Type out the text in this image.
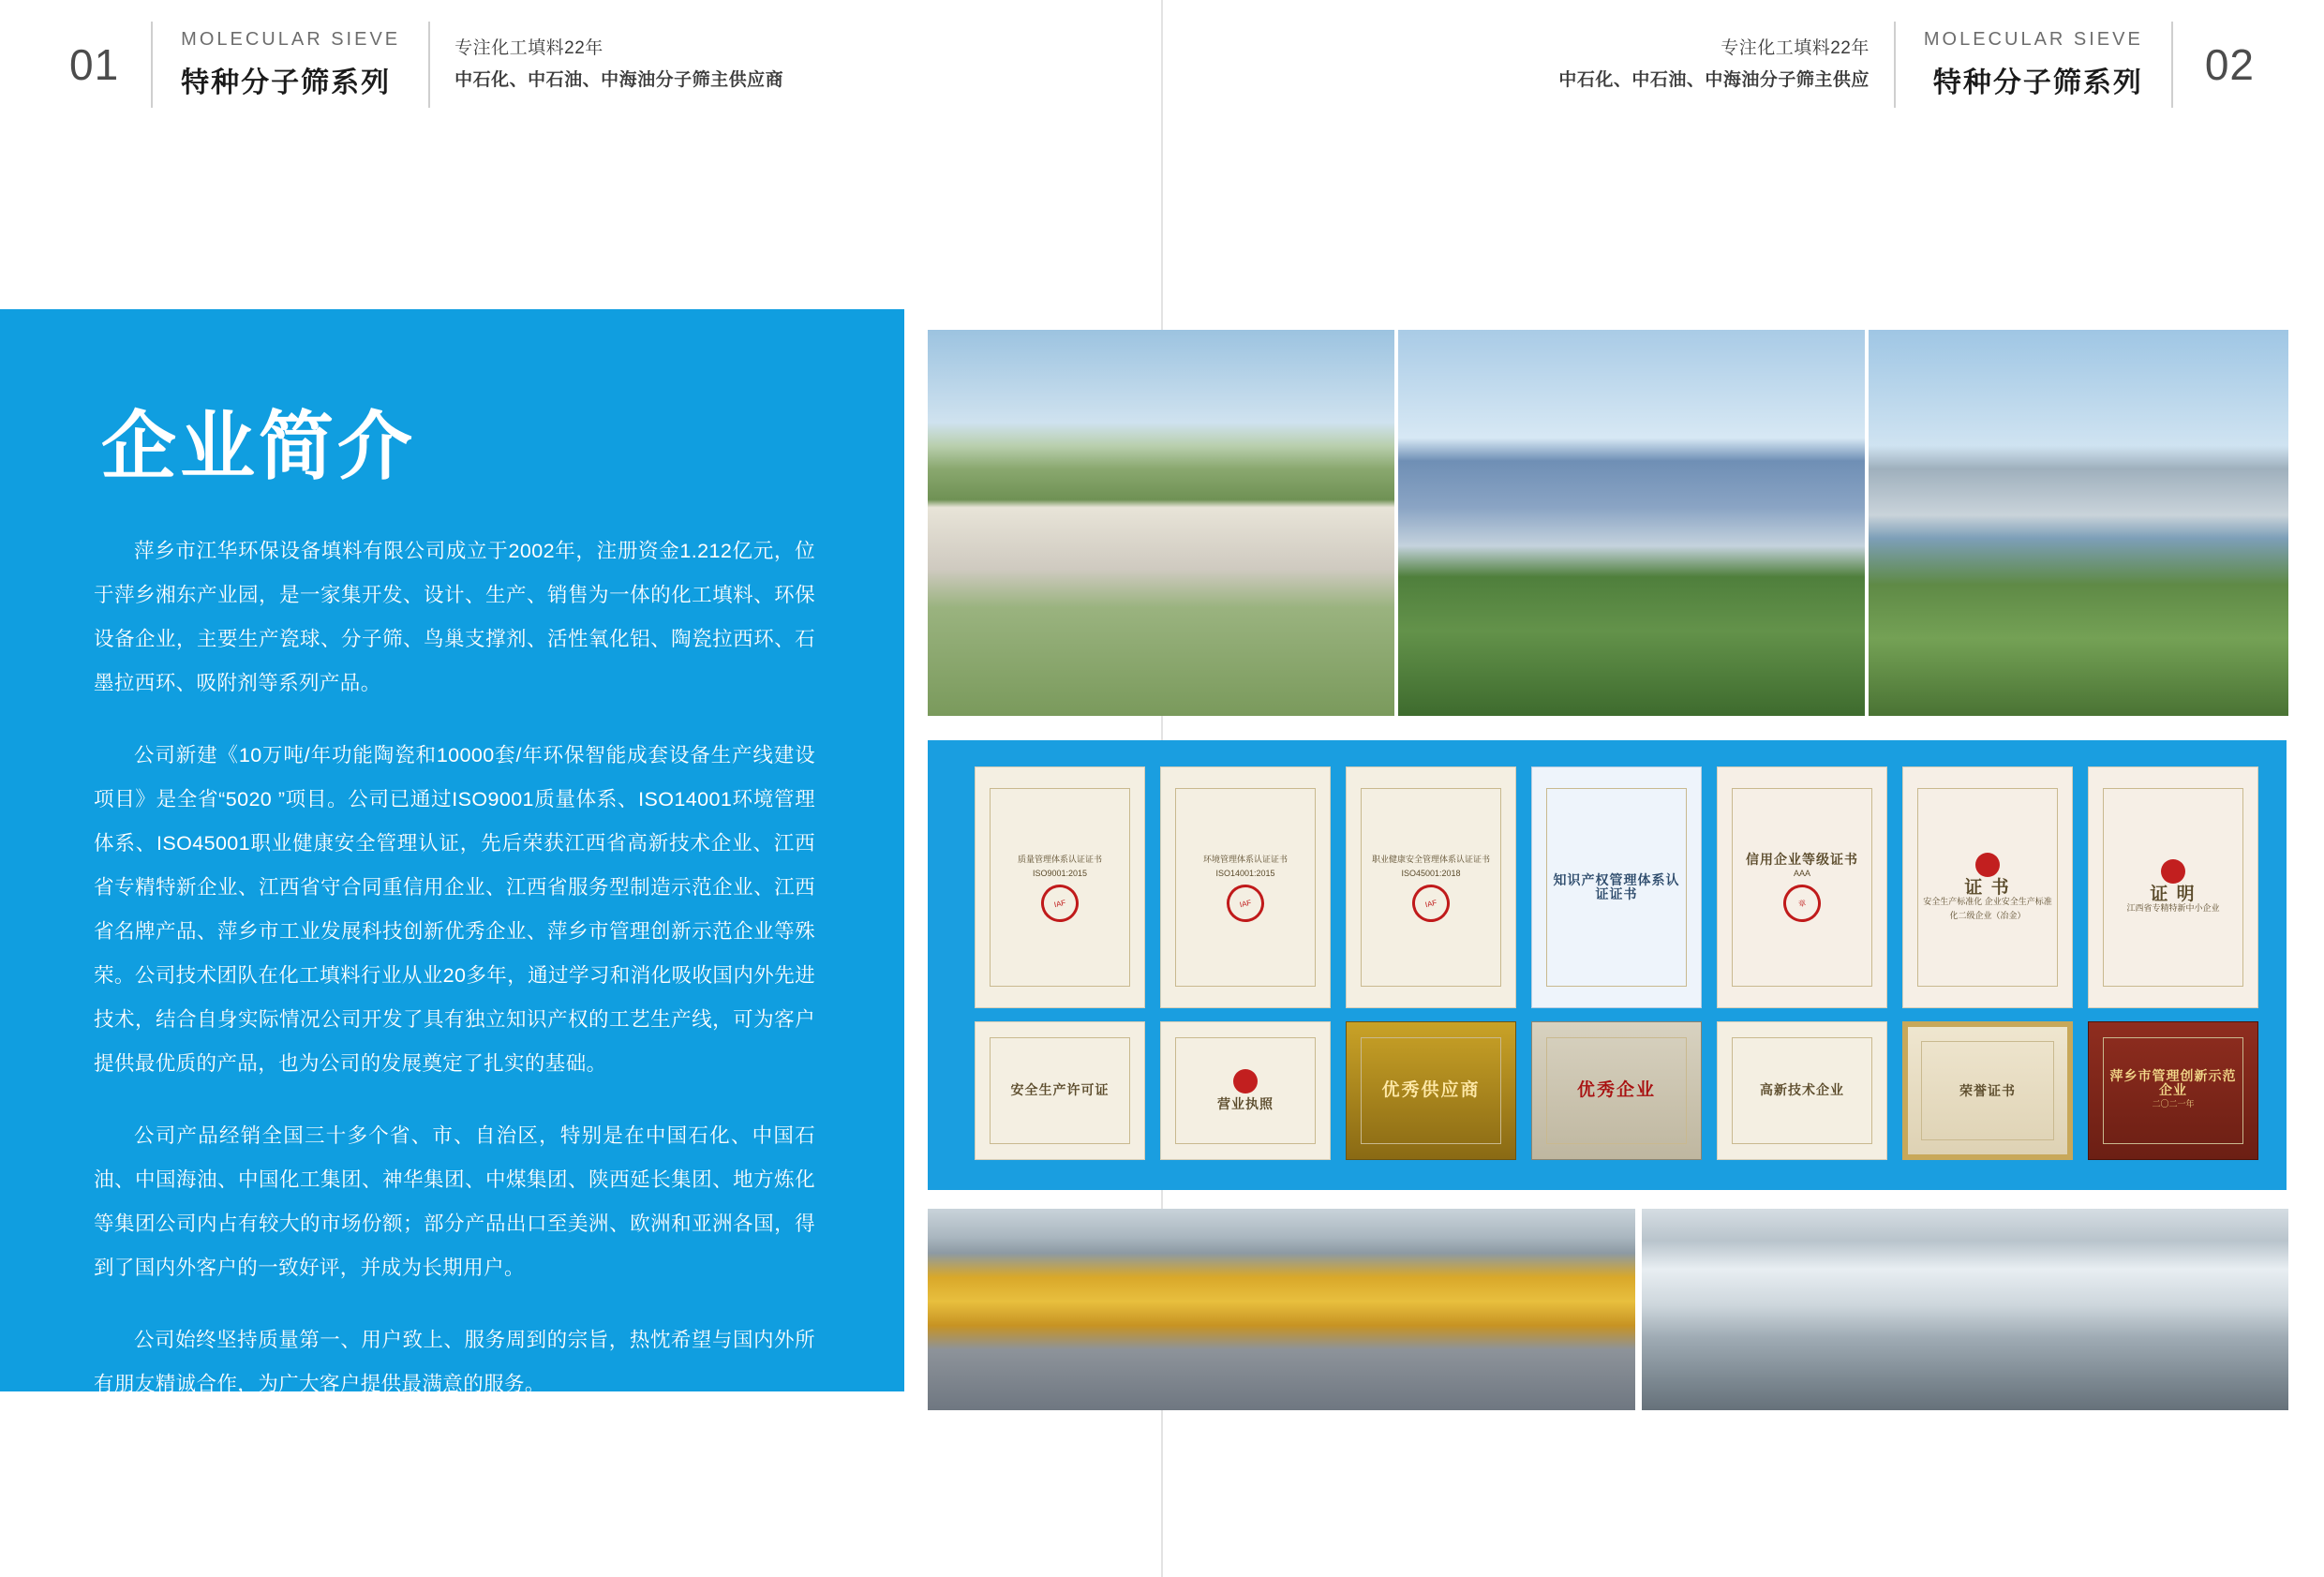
01
MOLECULAR SIEVE
特种分子筛系列
专注化工填料22年
中石化、中石油、中海油分子筛主供应商
专注化工填料22年
中石化、中石油、中海油分子筛主供应
MOLECULAR SIEVE
特种分子筛系列	02
企业简介

萍乡市江华环保设备填料有限公司成立于2002年，注册资金1.212亿元，位于萍乡湘东产业园，是一家集开发、设计、生产、销售为一体的化工填料、环保设备企业，主要生产瓷球、分子筛、鸟巢支撑剂、活性氧化铝、陶瓷拉西环、石墨拉西环、吸附剂等系列产品。

公司新建《10万吨/年功能陶瓷和10000套/年环保智能成套设备生产线建设项目》是全省“5020 ”项目。公司已通过ISO9001质量体系、ISO14001环境管理体系、ISO45001职业健康安全管理认证，先后荣获江西省高新技术企业、江西省专精特新企业、江西省守合同重信用企业、江西省服务型制造示范企业、江西省名牌产品、萍乡市工业发展科技创新优秀企业、萍乡市管理创新示范企业等殊荣。公司技术团队在化工填料行业从业20多年，通过学习和消化吸收国内外先进技术，结合自身实际情况公司开发了具有独立知识产权的工艺生产线，可为客户提供最优质的产品，也为公司的发展奠定了扎实的基础。

公司产品经销全国三十多个省、市、自治区，特别是在中国石化、中国石油、中国海油、中国化工集团、神华集团、中煤集团、陕西延长集团、地方炼化等集团公司内占有较大的市场份额；部分产品出口至美洲、欧洲和亚洲各国，得到了国内外客户的一致好评，并成为长期用户。

公司始终坚持质量第一、用户致上、服务周到的宗旨，热忱希望与国内外所有朋友精诚合作，为广大客户提供最满意的服务。

质量管理体系认证证书
ISO9001:2015
IAF
环境管理体系认证证书
ISO14001:2015
IAF
职业健康安全管理体系认证证书
ISO45001:2018
IAF
知识产权管理体系认证证书
信用企业等级证书
AAA
章
证 书
安全生产标准化 企业安全生产标准化二级企业（冶金）
证 明
江西省专精特新中小企业
安全生产许可证
营业执照
优秀供应商	优秀企业	高新技术企业	荣誉证书
萍乡市管理创新示范企业
二〇二一年
